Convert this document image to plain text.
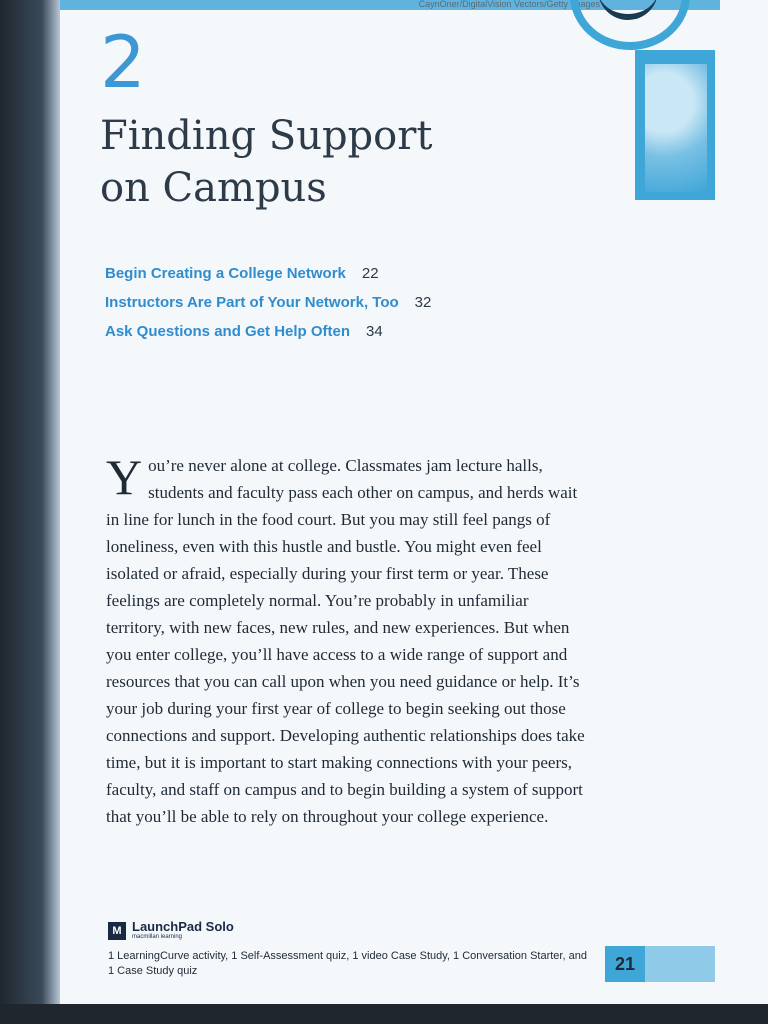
CaynOner/DigitalVision Vectors/Getty Images
2
Finding Support
on Campus
Begin Creating a College Network 22
Instructors Are Part of Your Network, Too 32
Ask Questions and Get Help Often 34
You’re never alone at college. Classmates jam lecture halls, students and faculty pass each other on campus, and herds wait in line for lunch in the food court. But you may still feel pangs of loneliness, even with this hustle and bustle. You might even feel isolated or afraid, especially during your first term or year. These feelings are completely normal. You’re probably in unfamiliar territory, with new faces, new rules, and new experiences. But when you enter college, you’ll have access to a wide range of support and resources that you can call upon when you need guidance or help. It’s your job during your first year of college to begin seeking out those connections and support. Developing authentic relationships does take time, but it is important to start making connections with your peers, faculty, and staff on campus and to begin building a system of support that you’ll be able to rely on throughout your college experience.
M LaunchPad Solo
macmillan learning
1 LearningCurve activity, 1 Self-Assessment quiz, 1 video Case Study, 1 Conversation Starter, and 1 Case Study quiz	21
